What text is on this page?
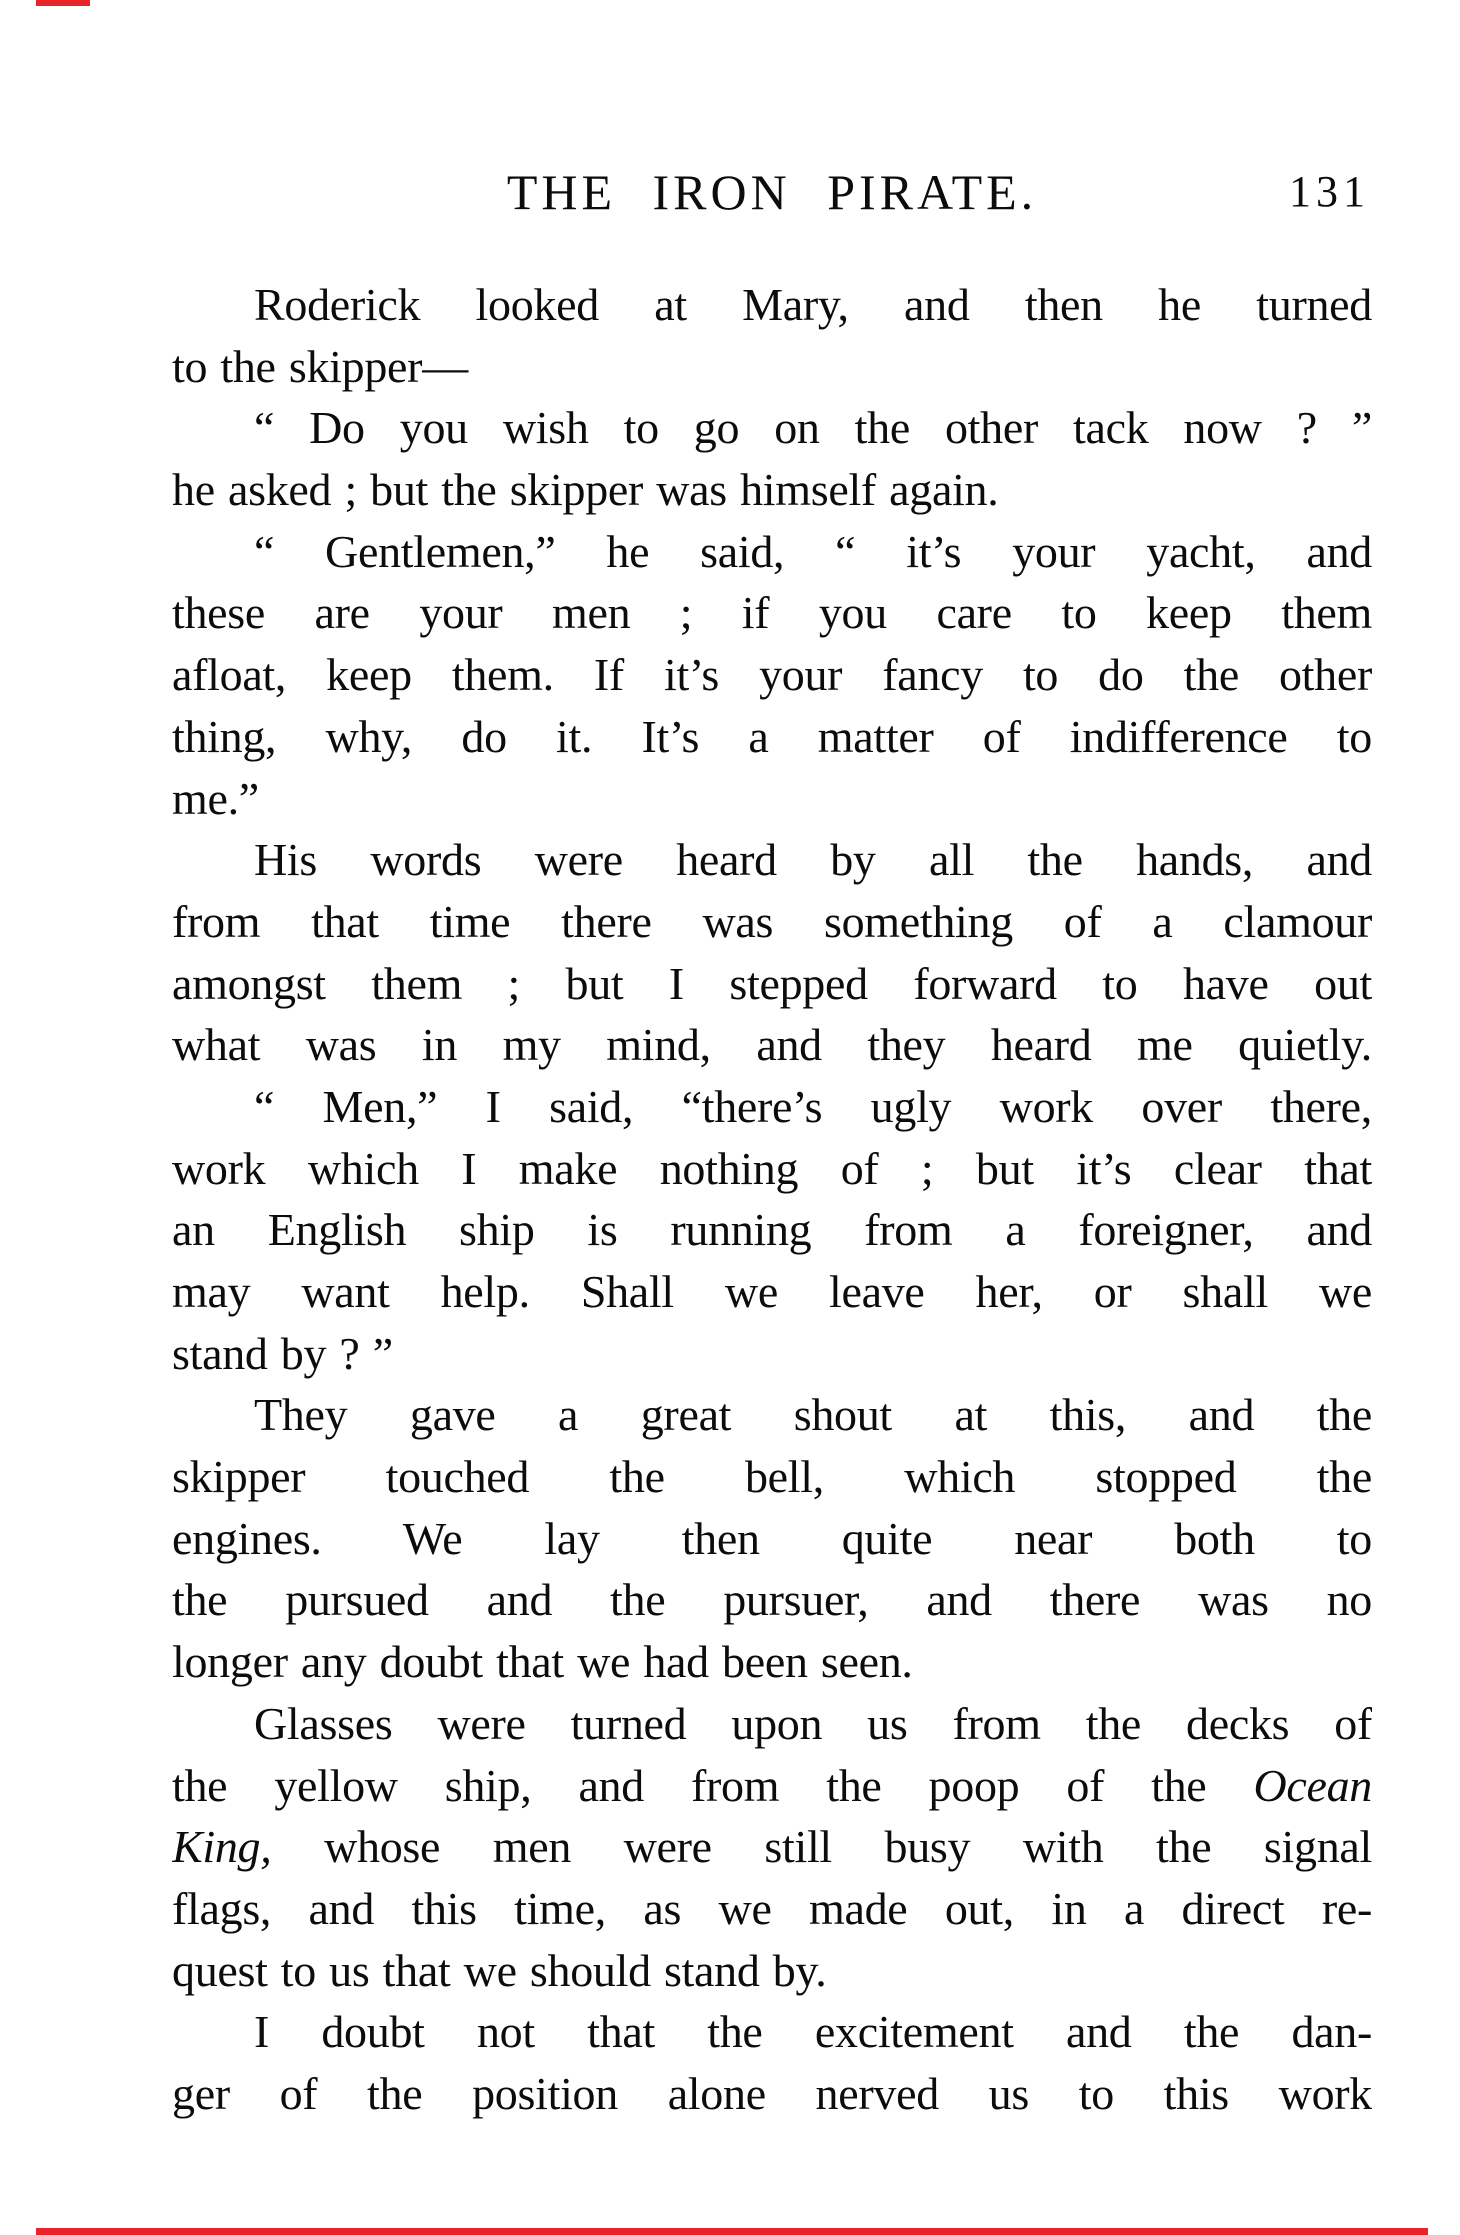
THE IRON PIRATE.	131
Roderick looked at Mary, and then he turned
to the skipper—
“ Do you wish to go on the other tack now ? ”
he asked ; but the skipper was himself again.
“ Gentlemen,” he said, “ it’s your yacht, and
these are your men ; if you care to keep them
afloat, keep them. If it’s your fancy to do the other
thing, why, do it. It’s a matter of indifference to
me.”
His words were heard by all the hands, and
from that time there was something of a clamour
amongst them ; but I stepped forward to have out
what was in my mind, and they heard me quietly.
“ Men,” I said, “there’s ugly work over there,
work which I make nothing of ; but it’s clear that
an English ship is running from a foreigner, and
may want help. Shall we leave her, or shall we
stand by ? ”
They gave a great shout at this, and the
skipper touched the bell, which stopped the
engines. We lay then quite near both to
the pursued and the pursuer, and there was no
longer any doubt that we had been seen.
Glasses were turned upon us from the decks of
the yellow ship, and from the poop of the Ocean
King, whose men were still busy with the signal
flags, and this time, as we made out, in a direct re-
quest to us that we should stand by.
I doubt not that the excitement and the dan-
ger of the position alone nerved us to this work
